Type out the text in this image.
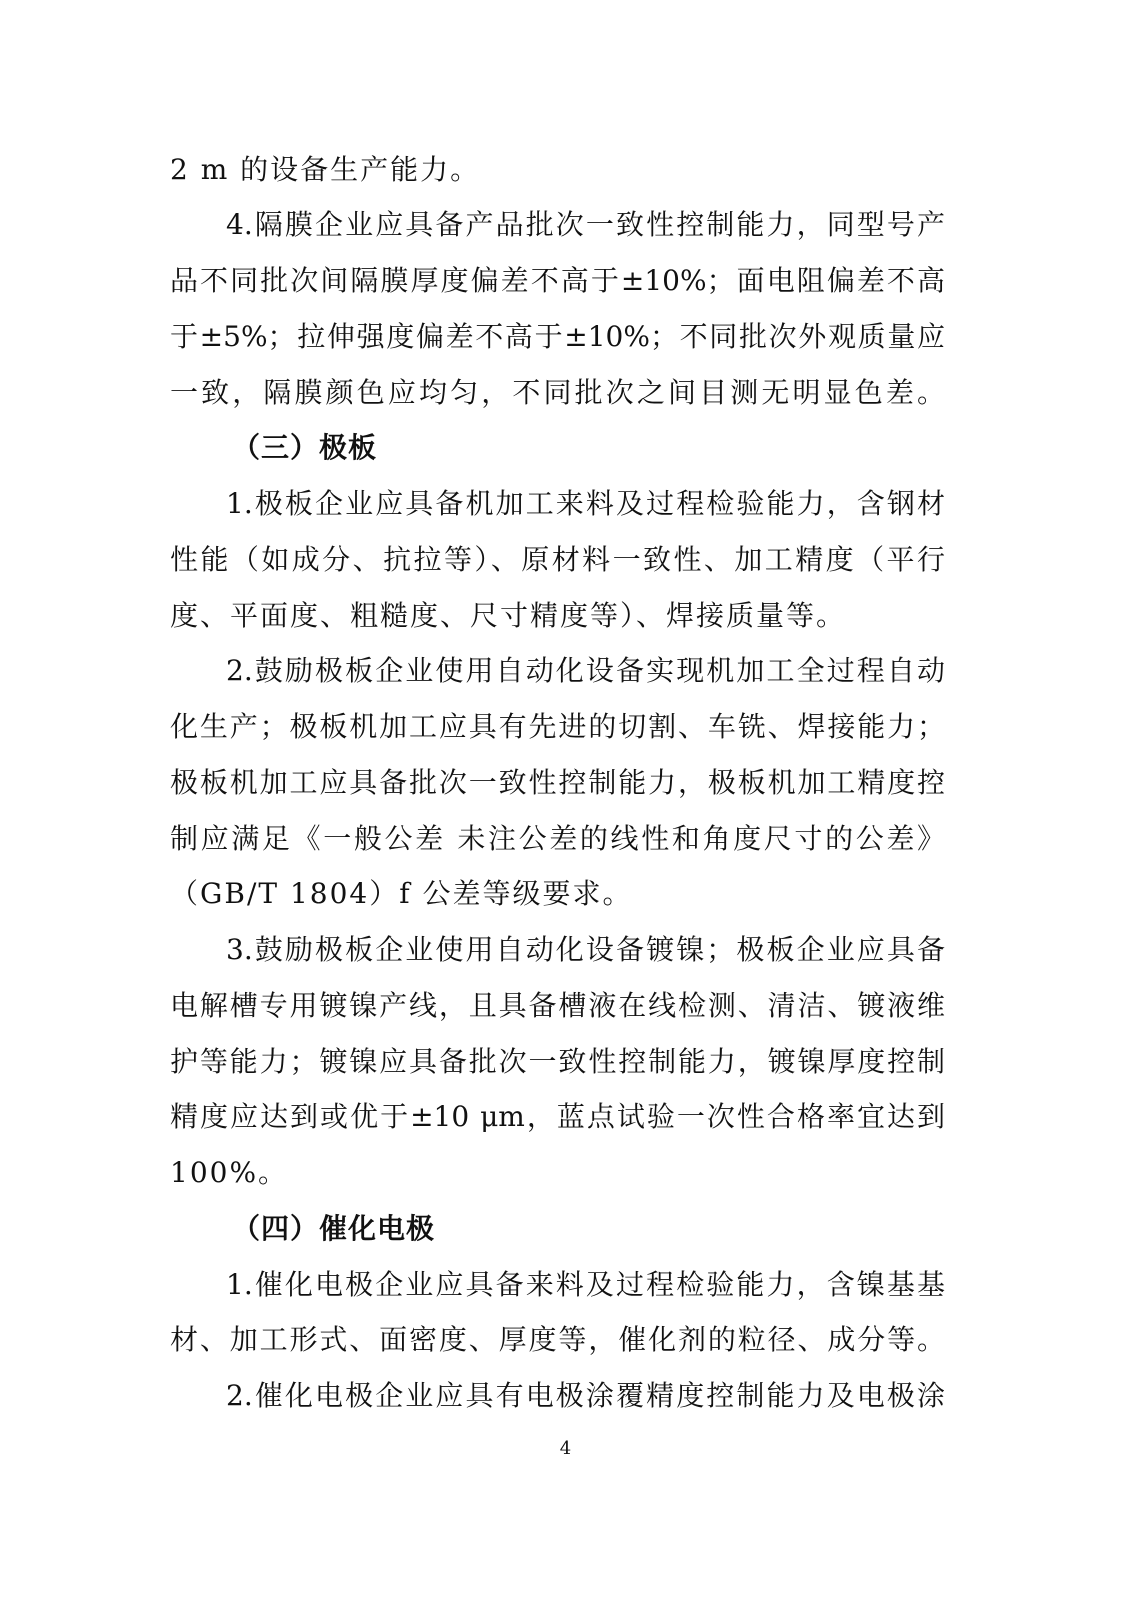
2 m 的设备生产能力。
4.隔膜企业应具备产品批次一致性控制能力，同型号产
品不同批次间隔膜厚度偏差不高于±10%；面电阻偏差不高
于±5%；拉伸强度偏差不高于±10%；不同批次外观质量应
一致，隔膜颜色应均匀，不同批次之间目测无明显色差。
（三）极板
1.极板企业应具备机加工来料及过程检验能力，含钢材
性能（如成分、抗拉等）、原材料一致性、加工精度（平行
度、平面度、粗糙度、尺寸精度等）、焊接质量等。
2.鼓励极板企业使用自动化设备实现机加工全过程自动
化生产；极板机加工应具有先进的切割、车铣、焊接能力；
极板机加工应具备批次一致性控制能力，极板机加工精度控
制应满足《一般公差 未注公差的线性和角度尺寸的公差》
（GB/T 1804）f 公差等级要求。
3.鼓励极板企业使用自动化设备镀镍；极板企业应具备
电解槽专用镀镍产线，且具备槽液在线检测、清洁、镀液维
护等能力；镀镍应具备批次一致性控制能力，镀镍厚度控制
精度应达到或优于±10 μm，蓝点试验一次性合格率宜达到
100%。
（四）催化电极
1.催化电极企业应具备来料及过程检验能力，含镍基基
材、加工形式、面密度、厚度等，催化剂的粒径、成分等。
2.催化电极企业应具有电极涂覆精度控制能力及电极涂
4
